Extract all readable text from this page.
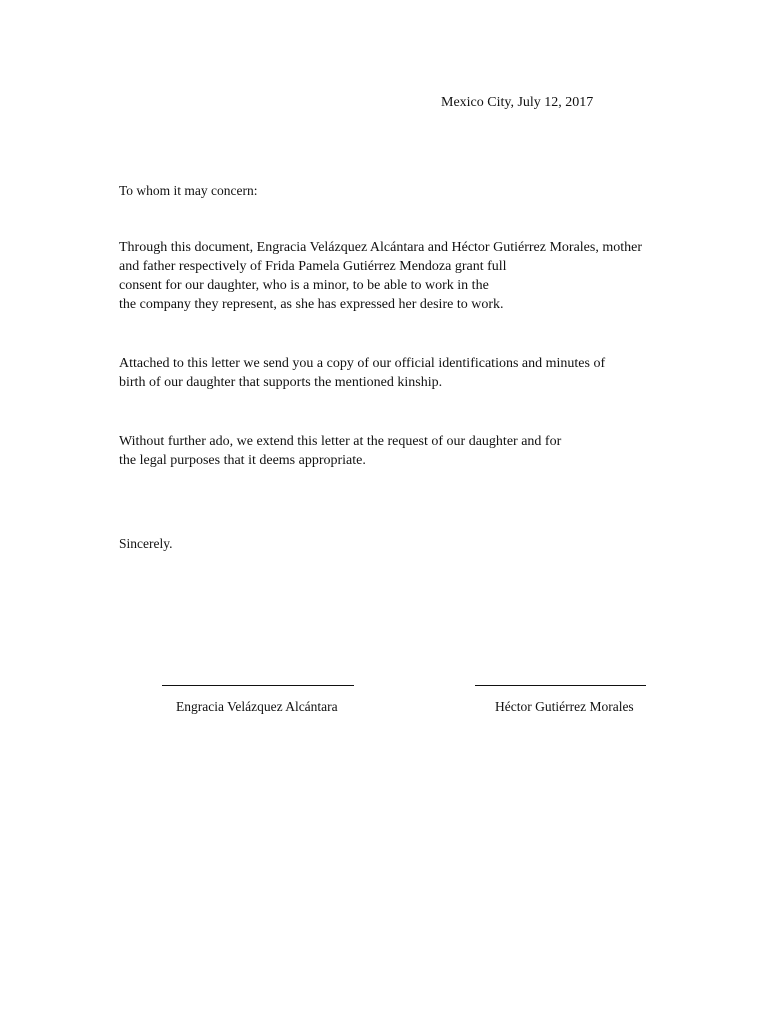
Mexico City, July 12, 2017
To whom it may concern:
Through this document, Engracia Velázquez Alcántara and Héctor Gutiérrez Morales, mother
and father respectively of Frida Pamela Gutiérrez Mendoza grant full
consent for our daughter, who is a minor, to be able to work in the
the company they represent, as she has expressed her desire to work.
Attached to this letter we send you a copy of our official identifications and minutes of
birth of our daughter that supports the mentioned kinship.
Without further ado, we extend this letter at the request of our daughter and for
the legal purposes that it deems appropriate.
Sincerely.
Engracia Velázquez Alcántara	Héctor Gutiérrez Morales
